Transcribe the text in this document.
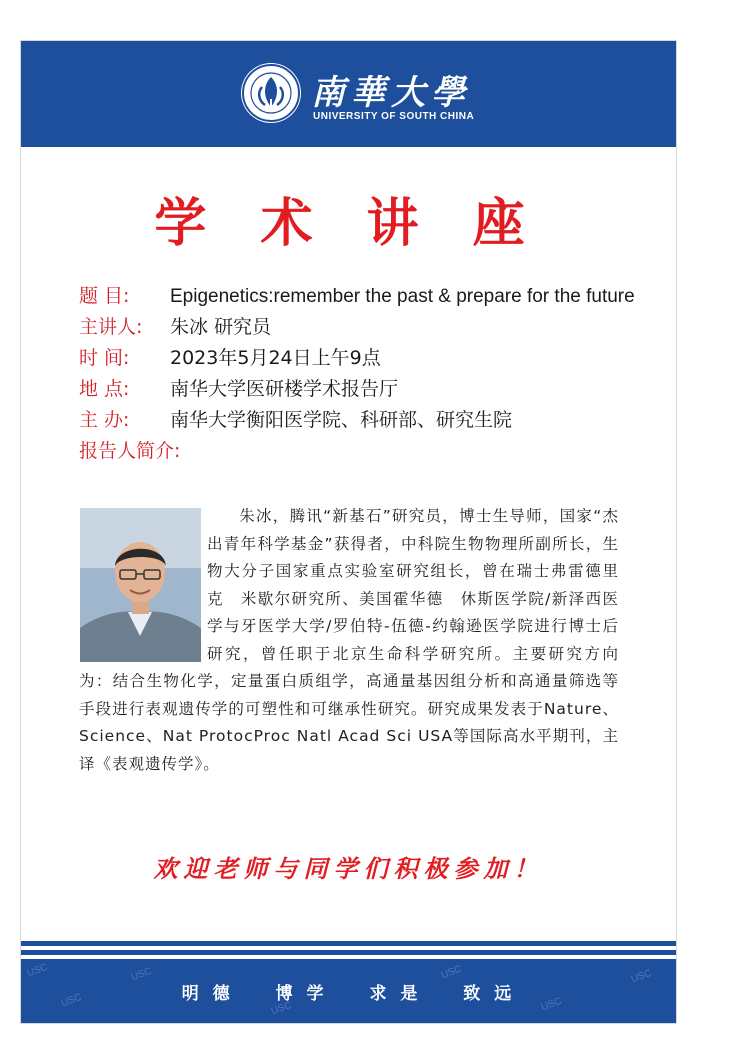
南華大學
UNIVERSITY OF SOUTH CHINA
学 术 讲 座
题 目:	Epigenetics:remember the past & prepare for the future
主讲人:	朱冰 研究员
时 间:	2023年5月24日上午9点
地 点:	南华大学医研楼学术报告厅
主 办:	南华大学衡阳医学院、科研部、研究生院
报告人简介:
朱冰，腾讯“新基石”研究员，博士生导师，国家“杰出青年科学基金”获得者，中科院生物物理所副所长，生物大分子国家重点实验室研究组长，曾在瑞士弗雷德里克　米歇尔研究所、美国霍华德　休斯医学院/新泽西医学与牙医学大学/罗伯特-伍德-约翰逊医学院进行博士后研究，曾任职于北京生命科学研究所。主要研究方向为：结合生物化学，定量蛋白质组学，高通量基因组分析和高通量筛选等手段进行表观遗传学的可塑性和可继承性研究。研究成果发表于Nature、 Science、Nat ProtocProc Natl Acad Sci USA等国际高水平期刊，主译《表观遗传学》。
欢迎老师与同学们积极参加！
USC
USC
USC
USC
USC
USC
USC
明 德 博 学 求 是 致 远
